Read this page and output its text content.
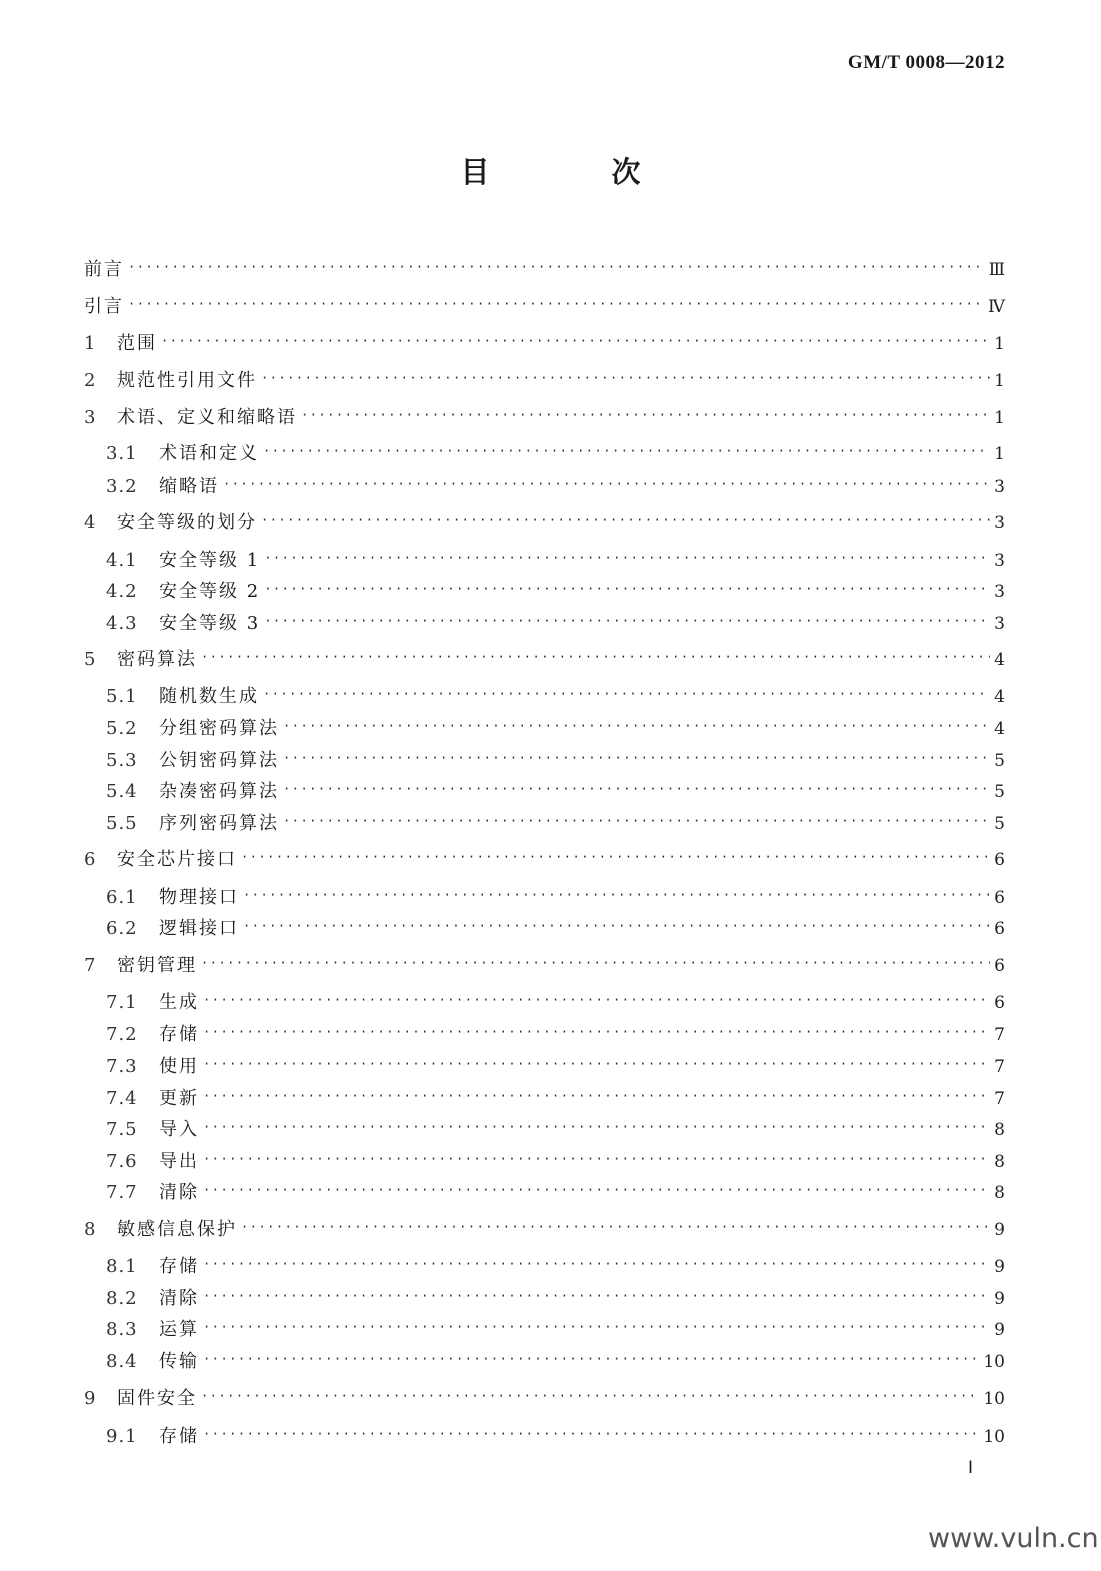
GM/T 0008—2012
目 次
前言 ·····	Ⅲ
引言 ·····	Ⅳ
1	范围 ·····	1
2	规范性引用文件 ·····	1
3	术语、定义和缩略语 ·····	1
3.1	术语和定义 ·····	1
3.2	缩略语 ·····	3
4	安全等级的划分 ·····	3
4.1	安全等级 1 ·····	3
4.2	安全等级 2 ·····	3
4.3	安全等级 3 ·····	3
5	密码算法 ·····	4
5.1	随机数生成 ·····	4
5.2	分组密码算法 ·····	4
5.3	公钥密码算法 ·····	5
5.4	杂凑密码算法 ·····	5
5.5	序列密码算法 ·····	5
6	安全芯片接口 ·····	6
6.1	物理接口 ·····	6
6.2	逻辑接口 ·····	6
7	密钥管理 ·····	6
7.1	生成 ·····	6
7.2	存储 ·····	7
7.3	使用 ·····	7
7.4	更新 ·····	7
7.5	导入 ·····	8
7.6	导出 ·····	8
7.7	清除 ·····	8
8	敏感信息保护 ·····	9
8.1	存储 ·····	9
8.2	清除 ·····	9
8.3	运算 ·····	9
8.4	传输 ·····	10
9	固件安全 ·····	10
9.1	存储 ·····	10
Ⅰ
www.vuln.cn
